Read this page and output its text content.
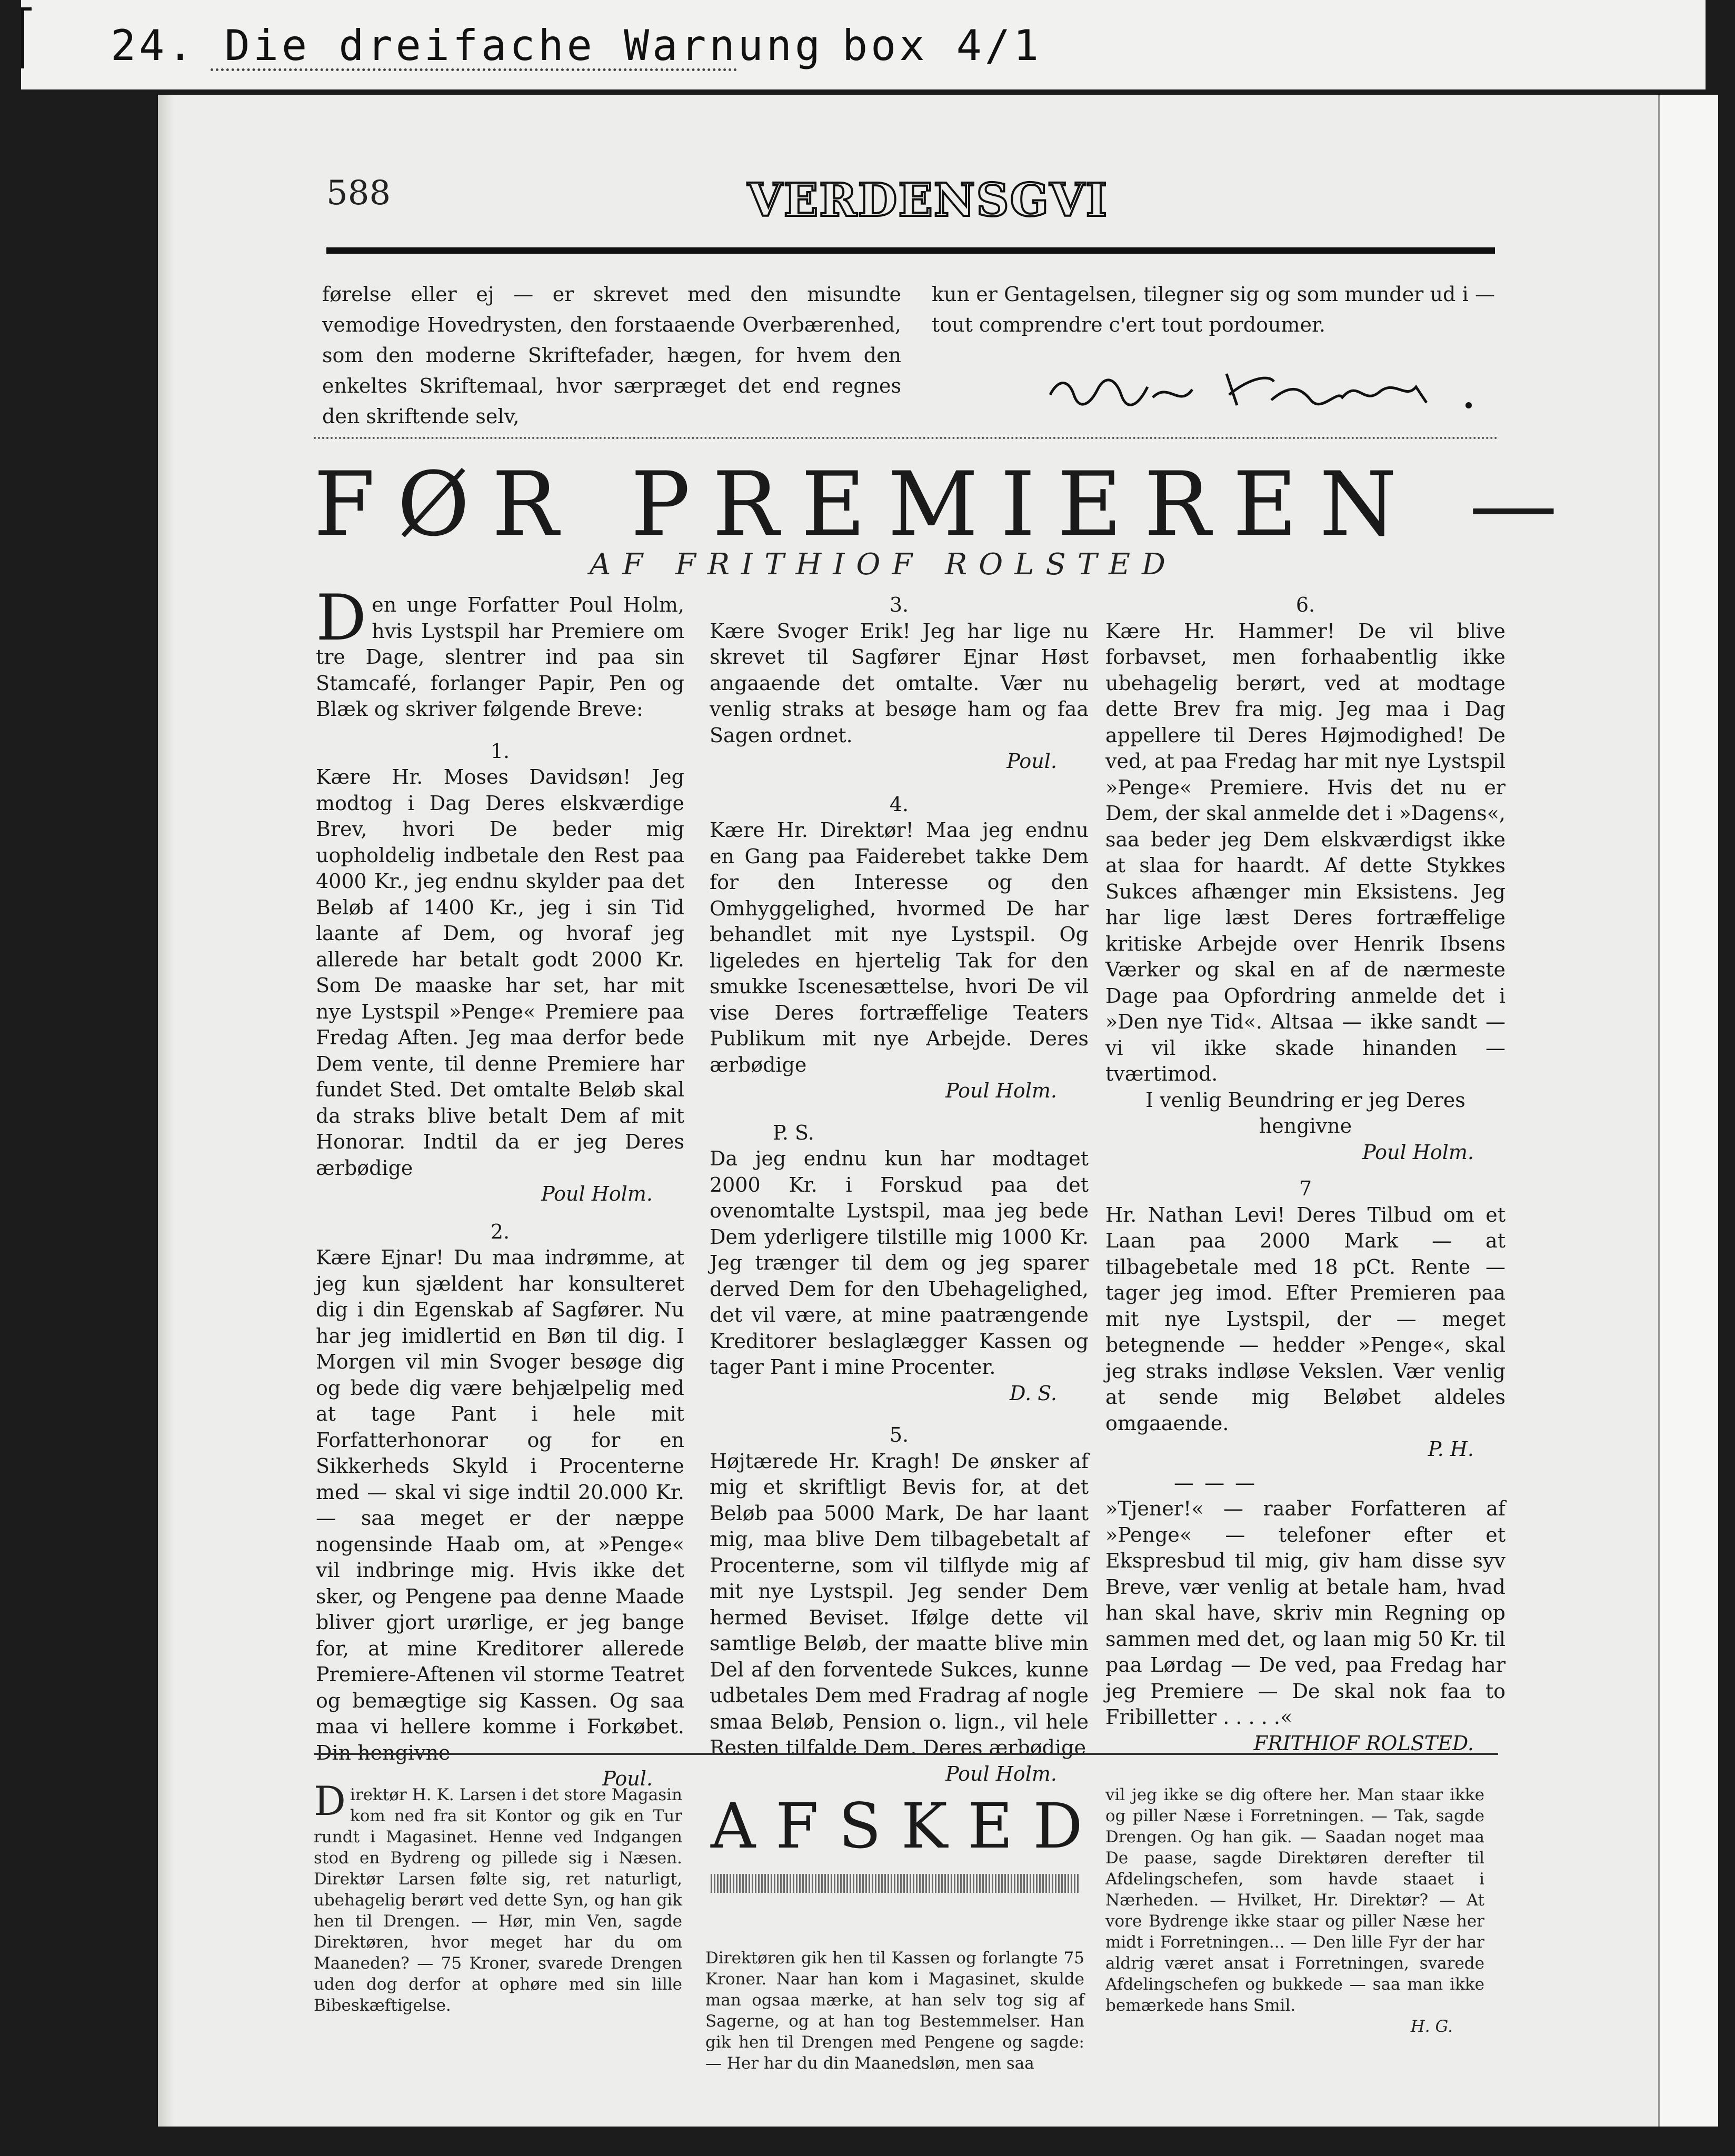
24. Die dreifache Warnung box 4/1
588	VERDENSGVI
førelse eller ej — er skrevet med den misundte vemodige Hovedrysten, den forstaaende Overbærenhed, som den moderne Skriftefader, hægen, for hvem den enkeltes Skriftemaal, hvor særpræget det end regnes den skriftende selv,
kun er Gentagelsen, tilegner sig og som munder ud i — tout comprendre c'ert tout pordoumer.
FØR PREMIEREN —
AF FRITHIOF ROLSTED
Den unge Forfatter Poul Holm, hvis Lystspil har Premiere om tre Dage, slentrer ind paa sin Stamcafé, forlanger Papir, Pen og Blæk og skriver følgende Breve:
1.
Kære Hr. Moses Davidsøn! Jeg modtog i Dag Deres elskværdige Brev, hvori De beder mig uopholdelig indbetale den Rest paa 4000 Kr., jeg endnu skylder paa det Beløb af 1400 Kr., jeg i sin Tid laante af Dem, og hvoraf jeg allerede har betalt godt 2000 Kr. Som De maaske har set, har mit nye Lystspil »Penge« Premiere paa Fredag Aften. Jeg maa derfor bede Dem vente, til denne Premiere har fundet Sted. Det omtalte Beløb skal da straks blive betalt Dem af mit Honorar. Indtil da er jeg Deres ærbødige
Poul Holm.
2.
Kære Ejnar! Du maa indrømme, at jeg kun sjældent har konsulteret dig i din Egenskab af Sagfører. Nu har jeg imidlertid en Bøn til dig. I Morgen vil min Svoger besøge dig og bede dig være behjælpelig med at tage Pant i hele mit Forfatterhonorar og for en Sikkerheds Skyld i Procenterne med — skal vi sige indtil 20.000 Kr. — saa meget er der næppe nogensinde Haab om, at »Penge« vil indbringe mig. Hvis ikke det sker, og Pengene paa denne Maade bliver gjort urørlige, er jeg bange for, at mine Kreditorer allerede Premiere-Aftenen vil storme Teatret og bemægtige sig Kassen. Og saa maa vi hellere komme i Forkøbet. Din hengivne
Poul.
3.
Kære Svoger Erik! Jeg har lige nu skrevet til Sagfører Ejnar Høst angaaende det omtalte. Vær nu venlig straks at besøge ham og faa Sagen ordnet.
Poul.
4.
Kære Hr. Direktør! Maa jeg endnu en Gang paa Faiderebet takke Dem for den Interesse og den Omhyggelighed, hvormed De har behandlet mit nye Lystspil. Og ligeledes en hjertelig Tak for den smukke Iscenesættelse, hvori De vil vise Deres fortræffelige Teaters Publikum mit nye Arbejde. Deres ærbødige
Poul Holm.
P. S.
Da jeg endnu kun har modtaget 2000 Kr. i Forskud paa det ovenomtalte Lystspil, maa jeg bede Dem yderligere tilstille mig 1000 Kr. Jeg trænger til dem og jeg sparer derved Dem for den Ubehagelighed, det vil være, at mine paatrængende Kreditorer beslaglægger Kassen og tager Pant i mine Procenter.
D. S.
5.
Højtærede Hr. Kragh! De ønsker af mig et skriftligt Bevis for, at det Beløb paa 5000 Mark, De har laant mig, maa blive Dem tilbagebetalt af Procenterne, som vil tilflyde mig af mit nye Lystspil. Jeg sender Dem hermed Beviset. Ifølge dette vil samtlige Beløb, der maatte blive min Del af den forventede Sukces, kunne udbetales Dem med Fradrag af nogle smaa Beløb, Pension o. lign., vil hele Resten tilfalde Dem. Deres ærbødige
Poul Holm.
6.
Kære Hr. Hammer! De vil blive forbavset, men forhaabentlig ikke ubehagelig berørt, ved at modtage dette Brev fra mig. Jeg maa i Dag appellere til Deres Højmodighed! De ved, at paa Fredag har mit nye Lystspil »Penge« Premiere. Hvis det nu er Dem, der skal anmelde det i »Dagens«, saa beder jeg Dem elskværdigst ikke at slaa for haardt. Af dette Stykkes Sukces afhænger min Eksistens. Jeg har lige læst Deres fortræffelige kritiske Arbejde over Henrik Ibsens Værker og skal en af de nærmeste Dage paa Opfordring anmelde det i »Den nye Tid«. Altsaa — ikke sandt — vi vil ikke skade hinanden — tværtimod.
I venlig Beundring er jeg Deres hengivne
Poul Holm.
7
Hr. Nathan Levi! Deres Tilbud om et Laan paa 2000 Mark — at tilbagebetale med 18 pCt. Rente — tager jeg imod. Efter Premieren paa mit nye Lystspil, der — meget betegnende — hedder »Penge«, skal jeg straks indløse Vekslen. Vær venlig at sende mig Beløbet aldeles omgaaende.
P. H.
— — —
»Tjener!« — raaber Forfatteren af »Penge« — telefoner efter et Ekspresbud til mig, giv ham disse syv Breve, vær venlig at betale ham, hvad han skal have, skriv min Regning op sammen med det, og laan mig 50 Kr. til paa Lørdag — De ved, paa Fredag har jeg Premiere — De skal nok faa to Fribilletter . . . . .«
FRITHIOF ROLSTED.
Direktør H. K. Larsen i det store Magasin kom ned fra sit Kontor og gik en Tur rundt i Magasinet. Henne ved Indgangen stod en Bydreng og pillede sig i Næsen. Direktør Larsen følte sig, ret naturligt, ubehagelig berørt ved dette Syn, og han gik hen til Drengen. — Hør, min Ven, sagde Direktøren, hvor meget har du om Maaneden? — 75 Kroner, svarede Drengen uden dog derfor at ophøre med sin lille Bibeskæftigelse.
AFSKED
Direktøren gik hen til Kassen og forlangte 75 Kroner. Naar han kom i Magasinet, skulde man ogsaa mærke, at han selv tog sig af Sagerne, og at han tog Bestemmelser. Han gik hen til Drengen med Pengene og sagde: — Her har du din Maanedsløn, men saa
vil jeg ikke se dig oftere her. Man staar ikke og piller Næse i Forretningen. — Tak, sagde Drengen. Og han gik. — Saadan noget maa De paase, sagde Direktøren derefter til Afdelingschefen, som havde staaet i Nærheden. — Hvilket, Hr. Direktør? — At vore Bydrenge ikke staar og piller Næse her midt i Forretningen... — Den lille Fyr der har aldrig været ansat i Forretningen, svarede Afdelingschefen og bukkede — saa man ikke bemærkede hans Smil.
H. G.
